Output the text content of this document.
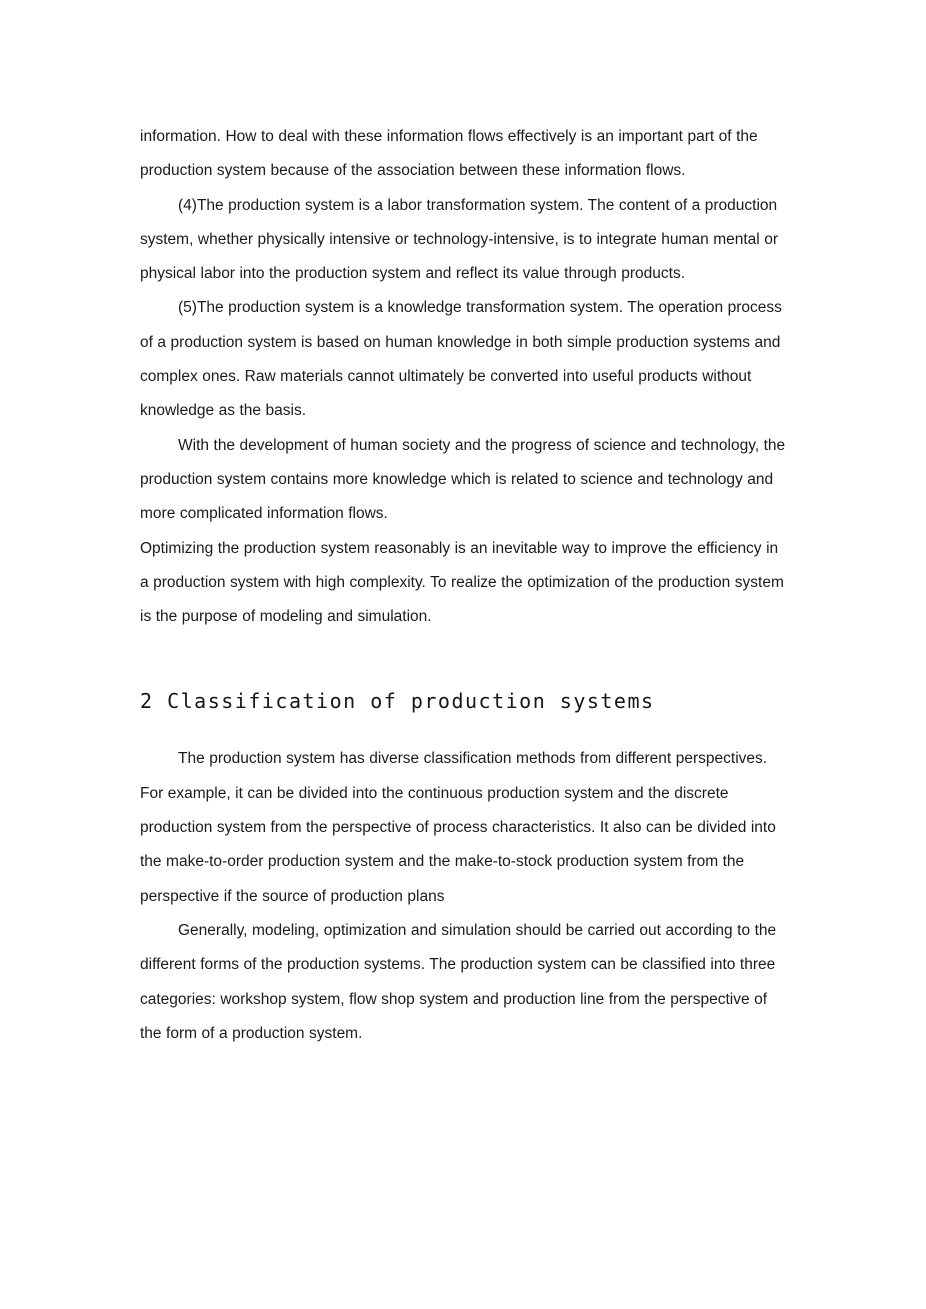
information. How to deal with these information flows effectively is an important part of the production system because of the association between these information flows.

(4)The production system is a labor transformation system. The content of a production system, whether physically intensive or technology-intensive, is to integrate human mental or physical labor into the production system and reflect its value through products.

(5)The production system is a knowledge transformation system. The operation process of a production system is based on human knowledge in both simple production systems and complex ones. Raw materials cannot ultimately be converted into useful products without knowledge as the basis.

With the development of human society and the progress of science and technology, the production system contains more knowledge which is related to science and technology and more complicated information flows.

Optimizing the production system reasonably is an inevitable way to improve the efficiency in a production system with high complexity. To realize the optimization of the production system is the purpose of modeling and simulation.

2 Classification of production systems

The production system has diverse classification methods from different perspectives. For example, it can be divided into the continuous production system and the discrete production system from the perspective of process characteristics. It also can be divided into the make-to-order production system and the make-to-stock production system from the perspective if the source of production plans

Generally, modeling, optimization and simulation should be carried out according to the different forms of the production systems. The production system can be classified into three categories: workshop system, flow shop system and production line from the perspective of the form of a production system.
